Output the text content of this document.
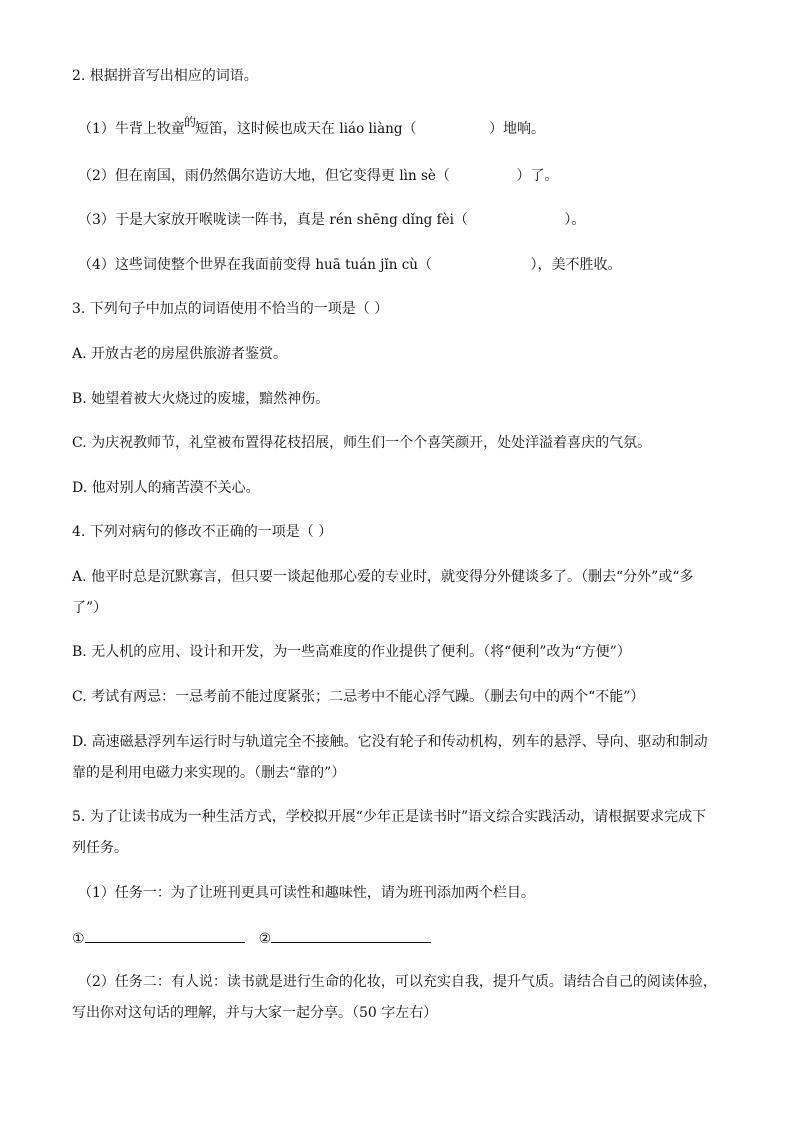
2. 根据拼音写出相应的词语。
（1）牛背上牧童的短笛，这时候也成天在 liáo liàng（	）地响。
（2）但在南国，雨仍然偶尔造访大地，但它变得更 lìn sè（	）了。
（3）于是大家放开喉咙读一阵书，真是 rén shēng dǐng fèi（	）。
（4）这些词使整个世界在我面前变得 huā tuán jǐn cù（	），美不胜收。
3. 下列句子中加点的词语使用不恰当的一项是（ ）
A. 开放古老的房屋供旅游者鉴赏。
B. 她望着被大火烧过的废墟，黯然神伤。
C. 为庆祝教师节，礼堂被布置得花枝招展，师生们一个个喜笑颜开，处处洋溢着喜庆的气氛。
D. 他对别人的痛苦漠不关心。
4. 下列对病句的修改不正确的一项是（ ）
A. 他平时总是沉默寡言，但只要一谈起他那心爱的专业时，就变得分外健谈多了。（删去“分外”或“多
了”）
B. 无人机的应用、设计和开发，为一些高难度的作业提供了便利。（将“便利”改为“方便”）
C. 考试有两忌：一忌考前不能过度紧张；二忌考中不能心浮气躁。（删去句中的两个“不能”）
D. 高速磁悬浮列车运行时与轨道完全不接触。它没有轮子和传动机构，列车的悬浮、导向、驱动和制动
靠的是利用电磁力来实现的。（删去“靠的”）
5. 为了让读书成为一种生活方式，学校拟开展“少年正是读书时”语文综合实践活动，请根据要求完成下
列任务。
（1）任务一：为了让班刊更具可读性和趣味性，请为班刊添加两个栏目。
①	②
（2）任务二：有人说：读书就是进行生命的化妆，可以充实自我，提升气质。请结合自己的阅读体验，
写出你对这句话的理解，并与大家一起分享。（50 字左右）
